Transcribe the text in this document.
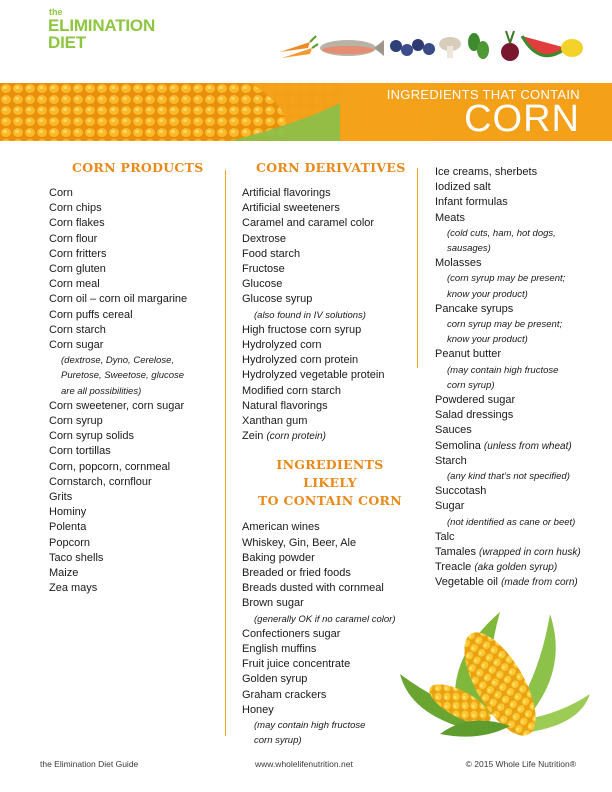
the
ELIMINATION
DIET
INGREDIENTS THAT CONTAIN
CORN
CORN PRODUCTS
Corn
Corn chips
Corn flakes
Corn flour
Corn fritters
Corn gluten
Corn meal
Corn oil – corn oil margarine
Corn puffs cereal
Corn starch
Corn sugar
(dextrose, Dyno, Cerelose,
Puretose, Sweetose, glucose
are all possibilities)
Corn sweetener, corn sugar
Corn syrup
Corn syrup solids
Corn tortillas
Corn, popcorn, cornmeal
Cornstarch, cornflour
Grits
Hominy
Polenta
Popcorn
Taco shells
Maize
Zea mays
CORN DERIVATIVES
Artificial flavorings
Artificial sweeteners
Caramel and caramel color
Dextrose
Food starch
Fructose
Glucose
Glucose syrup
(also found in IV solutions)
High fructose corn syrup
Hydrolyzed corn
Hydrolyzed corn protein
Hydrolyzed vegetable protein
Modified corn starch
Natural flavorings
Xanthan gum
Zein (corn protein)
INGREDIENTS LIKELY
TO CONTAIN CORN
American wines
Whiskey, Gin, Beer, Ale
Baking powder
Breaded or fried foods
Breads dusted with cornmeal
Brown sugar
(generally OK if no caramel color)
Confectioners sugar
English muffins
Fruit juice concentrate
Golden syrup
Graham crackers
Honey
(may contain high fructose
corn syrup)
Ice creams, sherbets
Iodized salt
Infant formulas
Meats
(cold cuts, ham, hot dogs,
sausages)
Molasses
(corn syrup may be present;
know your product)
Pancake syrups
corn syrup may be present;
know your product)
Peanut butter
(may contain high fructose
corn syrup)
Powdered sugar
Salad dressings
Sauces
Semolina (unless from wheat)
Starch
(any kind that’s not specified)
Succotash
Sugar
(not identified as cane or beet)
Talc
Tamales (wrapped in corn husk)
Treacle (aka golden syrup)
Vegetable oil (made from corn)
the Elimination Diet Guide	www.wholelifenutrition.net	© 2015 Whole Life Nutrition®
